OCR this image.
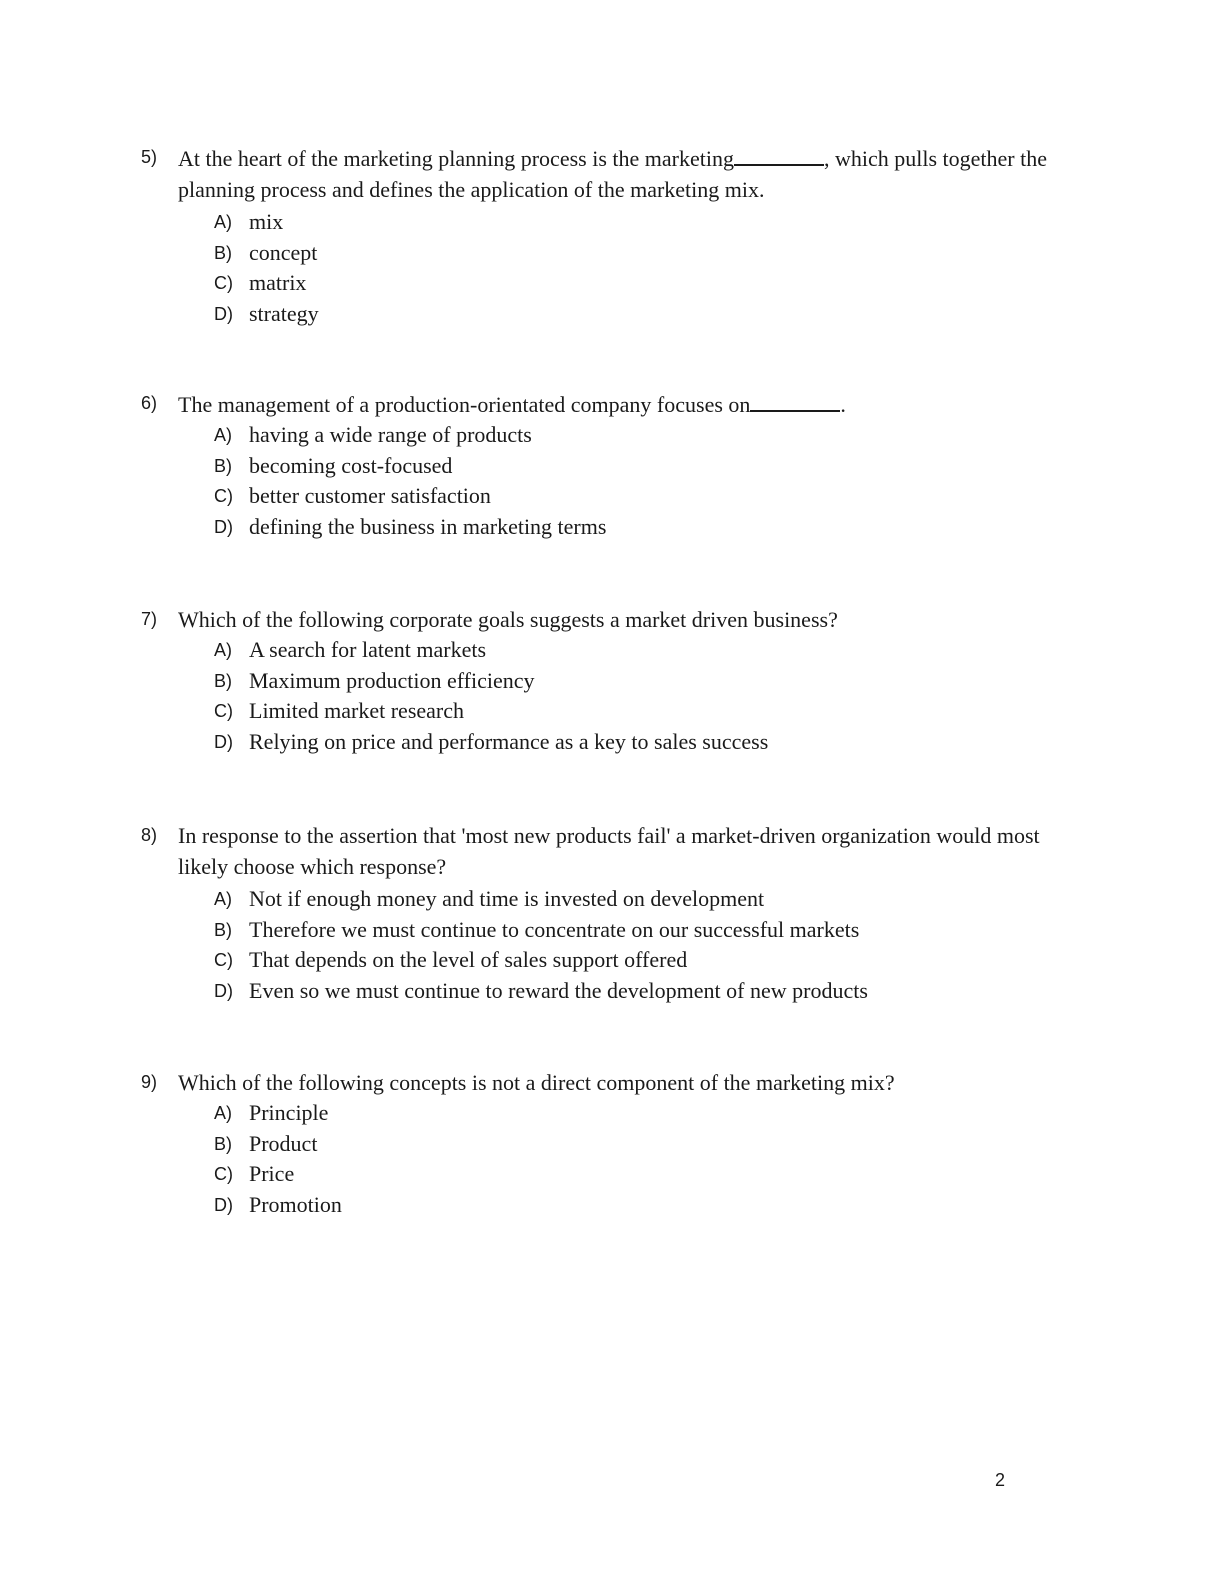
5) At the heart of the marketing planning process is the marketing	, which pulls together the planning process and defines the application of the marketing mix.
A) mix
B) concept
C) matrix
D) strategy
6) The management of a production-orientated company focuses on	.
A) having a wide range of products
B) becoming cost-focused
C) better customer satisfaction
D) defining the business in marketing terms
7) Which of the following corporate goals suggests a market driven business?
A) A search for latent markets
B) Maximum production efficiency
C) Limited market research
D) Relying on price and performance as a key to sales success
8) In response to the assertion that 'most new products fail' a market-driven organization would most likely choose which response?
A) Not if enough money and time is invested on development
B) Therefore we must continue to concentrate on our successful markets
C) That depends on the level of sales support offered
D) Even so we must continue to reward the development of new products
9) Which of the following concepts is not a direct component of the marketing mix?
A) Principle
B) Product
C) Price
D) Promotion
2
